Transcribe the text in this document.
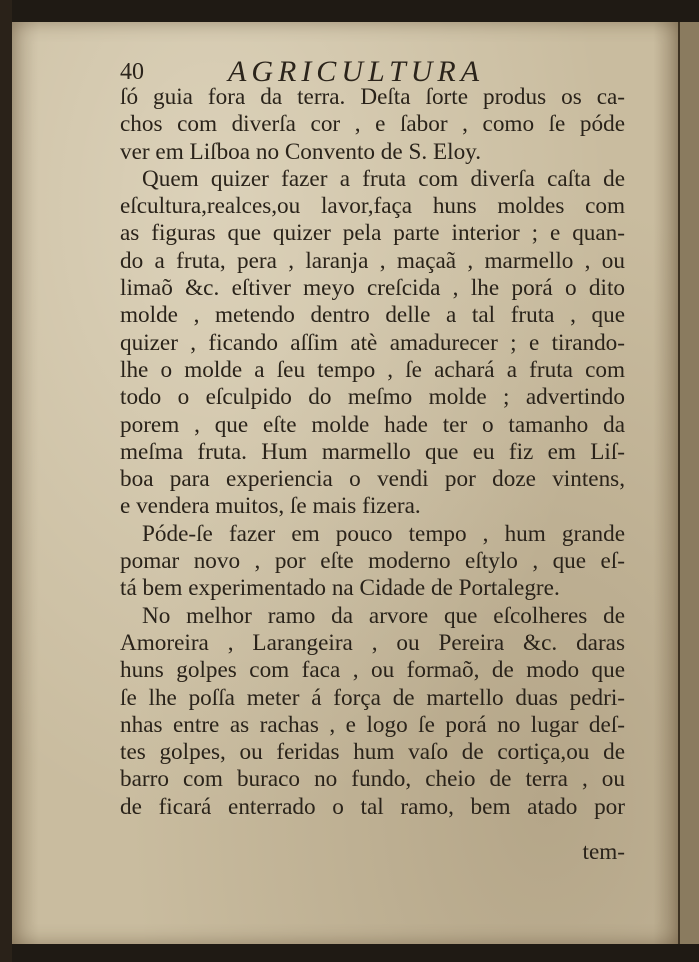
40	AGRICULTURA
ſó guia fora da terra. Deſta ſorte produs os ca-
chos com diverſa cor , e ſabor , como ſe póde
ver em Liſboa no Convento de S. Eloy.
Quem quizer fazer a fruta com diverſa caſta de
eſcultura,realces,ou lavor,faça huns moldes com
as figuras que quizer pela parte interior ; e quan-
do a fruta, pera , laranja , maçaã , marmello , ou
limaõ &c. eſtiver meyo creſcida , lhe porá o dito
molde , metendo dentro delle a tal fruta , que
quizer , ficando aſſim atè amadurecer ; e tirando-
lhe o molde a ſeu tempo , ſe achará a fruta com
todo o eſculpido do meſmo molde ; advertindo
porem , que eſte molde hade ter o tamanho da
meſma fruta. Hum marmello que eu fiz em Liſ-
boa para experiencia o vendi por doze vintens,
e vendera muitos, ſe mais fizera.
Póde-ſe fazer em pouco tempo , hum grande
pomar novo , por eſte moderno eſtylo , que eſ-
tá bem experimentado na Cidade de Portalegre.
No melhor ramo da arvore que eſcolheres de
Amoreira , Larangeira , ou Pereira &c. daras
huns golpes com faca , ou formaõ, de modo que
ſe lhe poſſa meter á força de martello duas pedri-
nhas entre as rachas , e logo ſe porá no lugar deſ-
tes golpes, ou feridas hum vaſo de cortiça,ou de
barro com buraco no fundo, cheio de terra , ou
de ficará enterrado o tal ramo, bem atado por
tem-
